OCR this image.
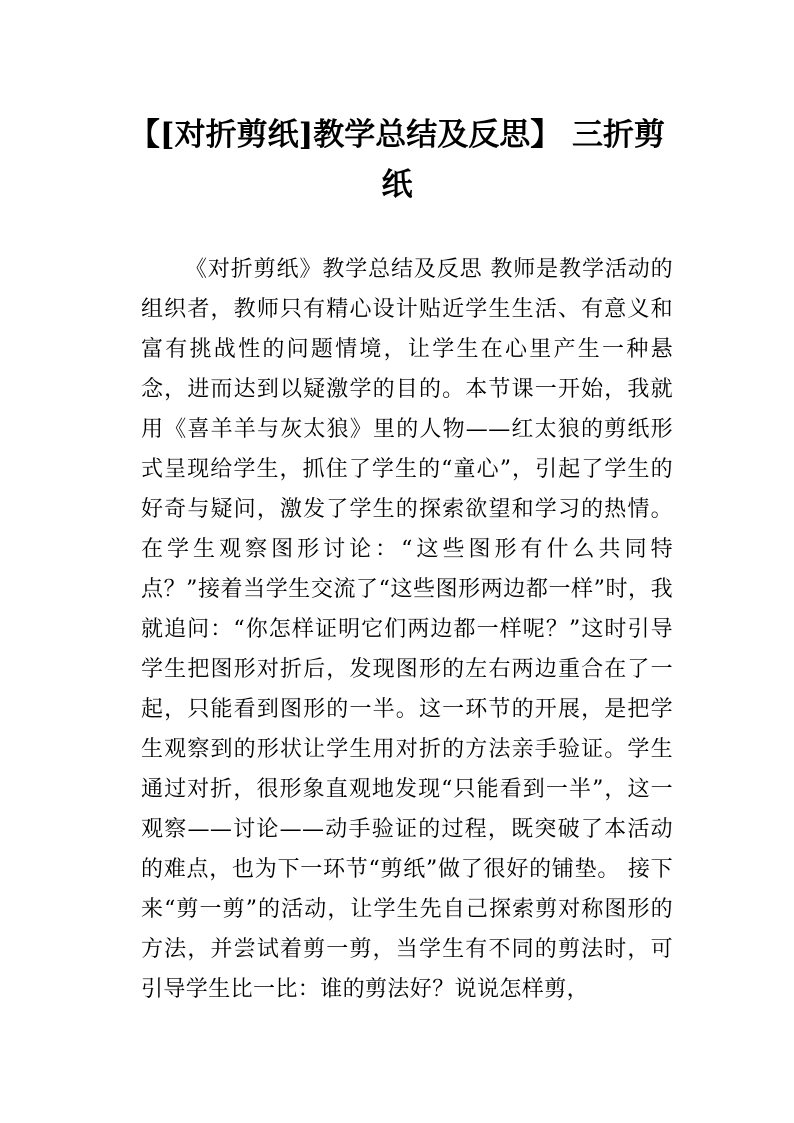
【[对折剪纸]教学总结及反思】 三折剪纸

《对折剪纸》教学总结及反思 教师是教学活动的组织者，教师只有精心设计贴近学生生活、有意义和富有挑战性的问题情境，让学生在心里产生一种悬念，进而达到以疑激学的目的。本节课一开始，我就用《喜羊羊与灰太狼》里的人物——红太狼的剪纸形式呈现给学生，抓住了学生的“童心”，引起了学生的好奇与疑问，激发了学生的探索欲望和学习的热情。 在学生观察图形讨论：“这些图形有什么共同特点？”接着当学生交流了“这些图形两边都一样”时，我就追问：“你怎样证明它们两边都一样呢？”这时引导学生把图形对折后，发现图形的左右两边重合在了一起，只能看到图形的一半。这一环节的开展，是把学生观察到的形状让学生用对折的方法亲手验证。学生通过对折，很形象直观地发现“只能看到一半”，这一观察——讨论——动手验证的过程，既突破了本活动的难点，也为下一环节“剪纸”做了很好的铺垫。 接下来“剪一剪”的活动，让学生先自己探索剪对称图形的方法，并尝试着剪一剪，当学生有不同的剪法时，可引导学生比一比：谁的剪法好？说说怎样剪，
